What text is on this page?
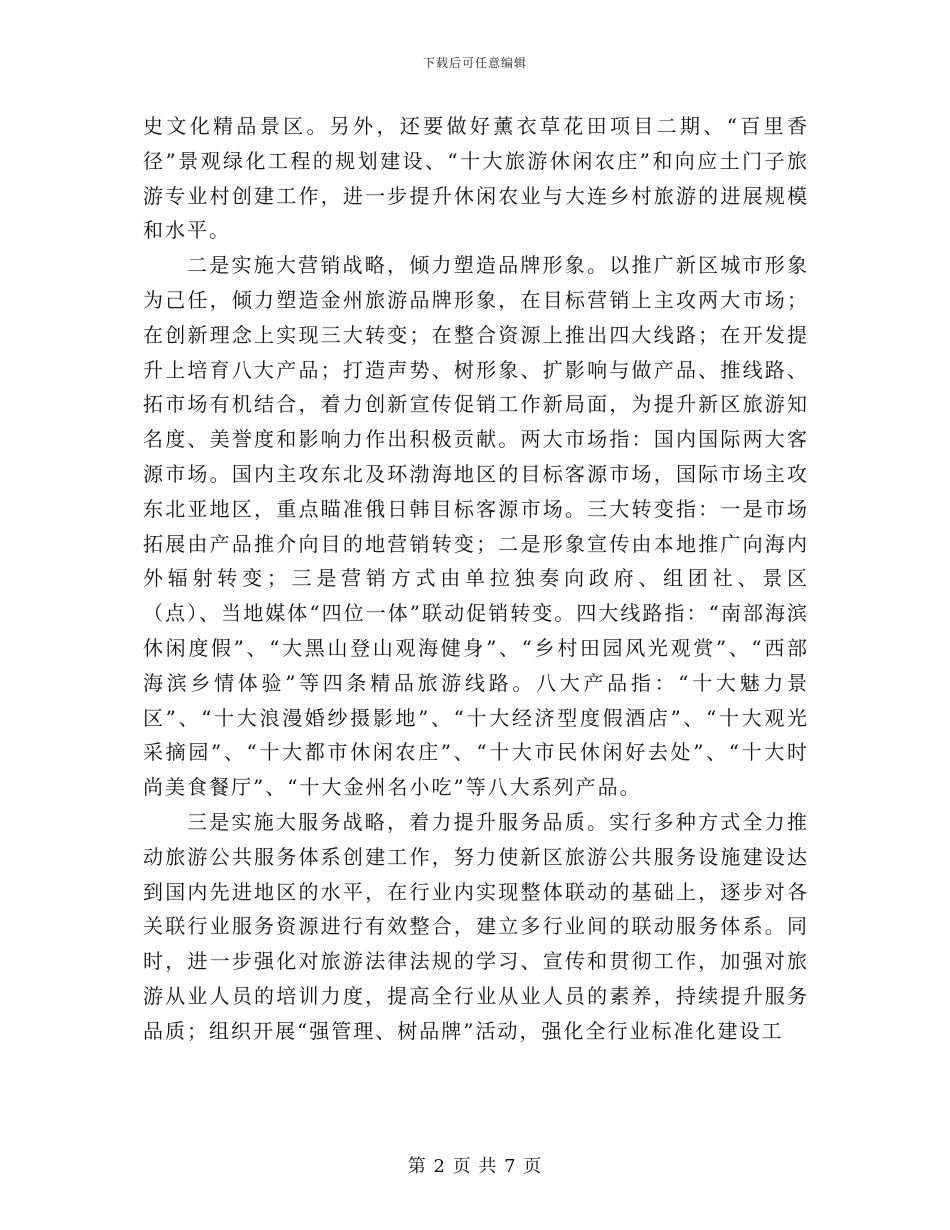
下载后可任意编辑

史文化精品景区。另外，还要做好薰衣草花田项目二期、“百里香径”景观绿化工程的规划建设、“十大旅游休闲农庄”和向应土门子旅游专业村创建工作，进一步提升休闲农业与大连乡村旅游的进展规模和水平。

二是实施大营销战略，倾力塑造品牌形象。以推广新区城市形象为己任，倾力塑造金州旅游品牌形象，在目标营销上主攻两大市场；在创新理念上实现三大转变；在整合资源上推出四大线路；在开发提升上培育八大产品；打造声势、树形象、扩影响与做产品、推线路、拓市场有机结合，着力创新宣传促销工作新局面，为提升新区旅游知名度、美誉度和影响力作出积极贡献。两大市场指：国内国际两大客源市场。国内主攻东北及环渤海地区的目标客源市场，国际市场主攻东北亚地区，重点瞄准俄日韩目标客源市场。三大转变指：一是市场拓展由产品推介向目的地营销转变；二是形象宣传由本地推广向海内外辐射转变；三是营销方式由单拉独奏向政府、组团社、景区（点）、当地媒体“四位一体”联动促销转变。四大线路指：“南部海滨休闲度假”、“大黑山登山观海健身”、“乡村田园风光观赏”、“西部海滨乡情体验”等四条精品旅游线路。八大产品指：“十大魅力景区”、“十大浪漫婚纱摄影地”、“十大经济型度假酒店”、“十大观光采摘园”、“十大都市休闲农庄”、“十大市民休闲好去处”、“十大时尚美食餐厅”、“十大金州名小吃”等八大系列产品。

三是实施大服务战略，着力提升服务品质。实行多种方式全力推动旅游公共服务体系创建工作，努力使新区旅游公共服务设施建设达到国内先进地区的水平，在行业内实现整体联动的基础上，逐步对各关联行业服务资源进行有效整合，建立多行业间的联动服务体系。同时，进一步强化对旅游法律法规的学习、宣传和贯彻工作，加强对旅游从业人员的培训力度，提高全行业从业人员的素养，持续提升服务品质；组织开展“强管理、树品牌”活动，强化全行业标准化建设工

第 2 页 共 7 页
